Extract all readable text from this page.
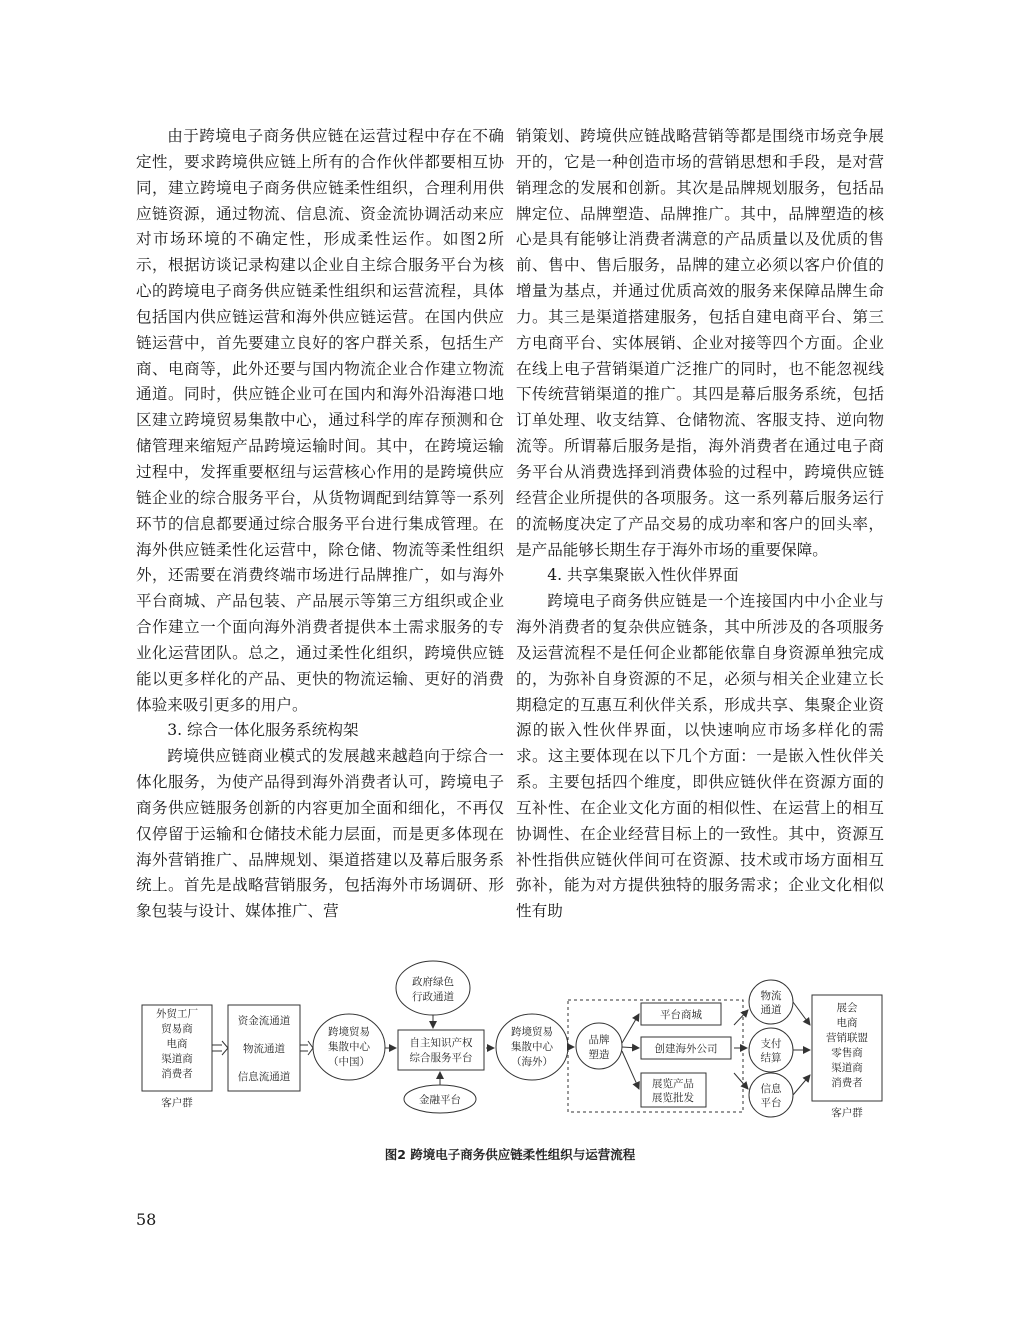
由于跨境电子商务供应链在运营过程中存在不确定性，要求跨境供应链上所有的合作伙伴都要相互协同，建立跨境电子商务供应链柔性组织，合理利用供应链资源，通过物流、信息流、资金流协调活动来应对市场环境的不确定性，形成柔性运作。如图2所示，根据访谈记录构建以企业自主综合服务平台为核心的跨境电子商务供应链柔性组织和运营流程，具体包括国内供应链运营和海外供应链运营。在国内供应链运营中，首先要建立良好的客户群关系，包括生产商、电商等，此外还要与国内物流企业合作建立物流通道。同时，供应链企业可在国内和海外沿海港口地区建立跨境贸易集散中心，通过科学的库存预测和仓储管理来缩短产品跨境运输时间。其中，在跨境运输过程中，发挥重要枢纽与运营核心作用的是跨境供应链企业的综合服务平台，从货物调配到结算等一系列环节的信息都要通过综合服务平台进行集成管理。在海外供应链柔性化运营中，除仓储、物流等柔性组织外，还需要在消费终端市场进行品牌推广，如与海外平台商城、产品包装、产品展示等第三方组织或企业合作建立一个面向海外消费者提供本土需求服务的专业化运营团队。总之，通过柔性化组织，跨境供应链能以更多样化的产品、更快的物流运输、更好的消费体验来吸引更多的用户。

3. 综合一体化服务系统构架

跨境供应链商业模式的发展越来越趋向于综合一体化服务，为使产品得到海外消费者认可，跨境电子商务供应链服务创新的内容更加全面和细化，不再仅仅停留于运输和仓储技术能力层面，而是更多体现在海外营销推广、品牌规划、渠道搭建以及幕后服务系统上。首先是战略营销服务，包括海外市场调研、形象包装与设计、媒体推广、营

销策划、跨境供应链战略营销等都是围绕市场竞争展开的，它是一种创造市场的营销思想和手段，是对营销理念的发展和创新。其次是品牌规划服务，包括品牌定位、品牌塑造、品牌推广。其中，品牌塑造的核心是具有能够让消费者满意的产品质量以及优质的售前、售中、售后服务，品牌的建立必须以客户价值的增量为基点，并通过优质高效的服务来保障品牌生命力。其三是渠道搭建服务，包括自建电商平台、第三方电商平台、实体展销、企业对接等四个方面。企业在线上电子营销渠道广泛推广的同时，也不能忽视线下传统营销渠道的推广。其四是幕后服务系统，包括订单处理、收支结算、仓储物流、客服支持、逆向物流等。所谓幕后服务是指，海外消费者在通过电子商务平台从消费选择到消费体验的过程中，跨境供应链经营企业所提供的各项服务。这一系列幕后服务运行的流畅度决定了产品交易的成功率和客户的回头率，是产品能够长期生存于海外市场的重要保障。

4. 共享集聚嵌入性伙伴界面

跨境电子商务供应链是一个连接国内中小企业与海外消费者的复杂供应链条，其中所涉及的各项服务及运营流程不是任何企业都能依靠自身资源单独完成的，为弥补自身资源的不足，必须与相关企业建立长期稳定的互惠互利伙伴关系，形成共享、集聚企业资源的嵌入性伙伴界面，以快速响应市场多样化的需求。这主要体现在以下几个方面：一是嵌入性伙伴关系。主要包括四个维度，即供应链伙伴在资源方面的互补性、在企业文化方面的相似性、在运营上的相互协调性、在企业经营目标上的一致性。其中，资源互补性指供应链伙伴间可在资源、技术或市场方面相互弥补，能为对方提供独特的服务需求；企业文化相似性有助

外贸工厂
贸易商
电商
渠道商
消费者
客户群
资金流通道
物流通道
信息流通道
跨境贸易
集散中心
（中国）
政府绿色
行政通道
自主知识产权
综合服务平台
金融平台
跨境贸易
集散中心
（海外）
品牌
塑造
平台商城
创建海外公司
展览产品
展览批发
物流
通道
支付
结算
信息
平台
展会
电商
营销联盟
零售商
渠道商
消费者
客户群
图2 跨境电子商务供应链柔性组织与运营流程
58
